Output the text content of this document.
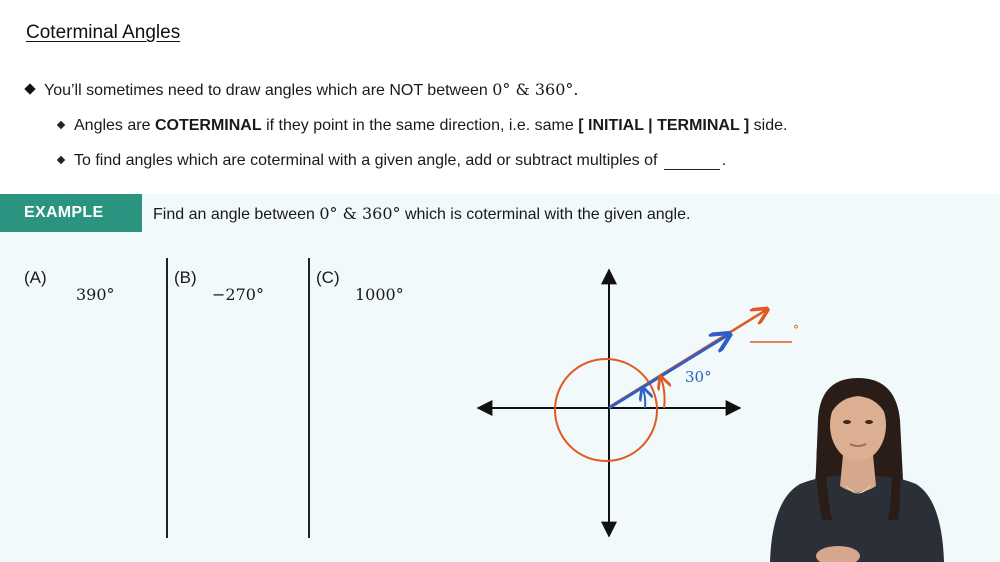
Coterminal Angles
You’ll sometimes need to draw angles which are NOT between 0° & 360°.
Angles are COTERMINAL if they point in the same direction, i.e. same [ INITIAL | TERMINAL ] side.
To find angles which are coterminal with a given angle, add or subtract multiples of	.
EXAMPLE	Find an angle between 0° & 360° which is coterminal with the given angle.
(A)
390°
(B)
−270°
(C)
1000°
30°
°
